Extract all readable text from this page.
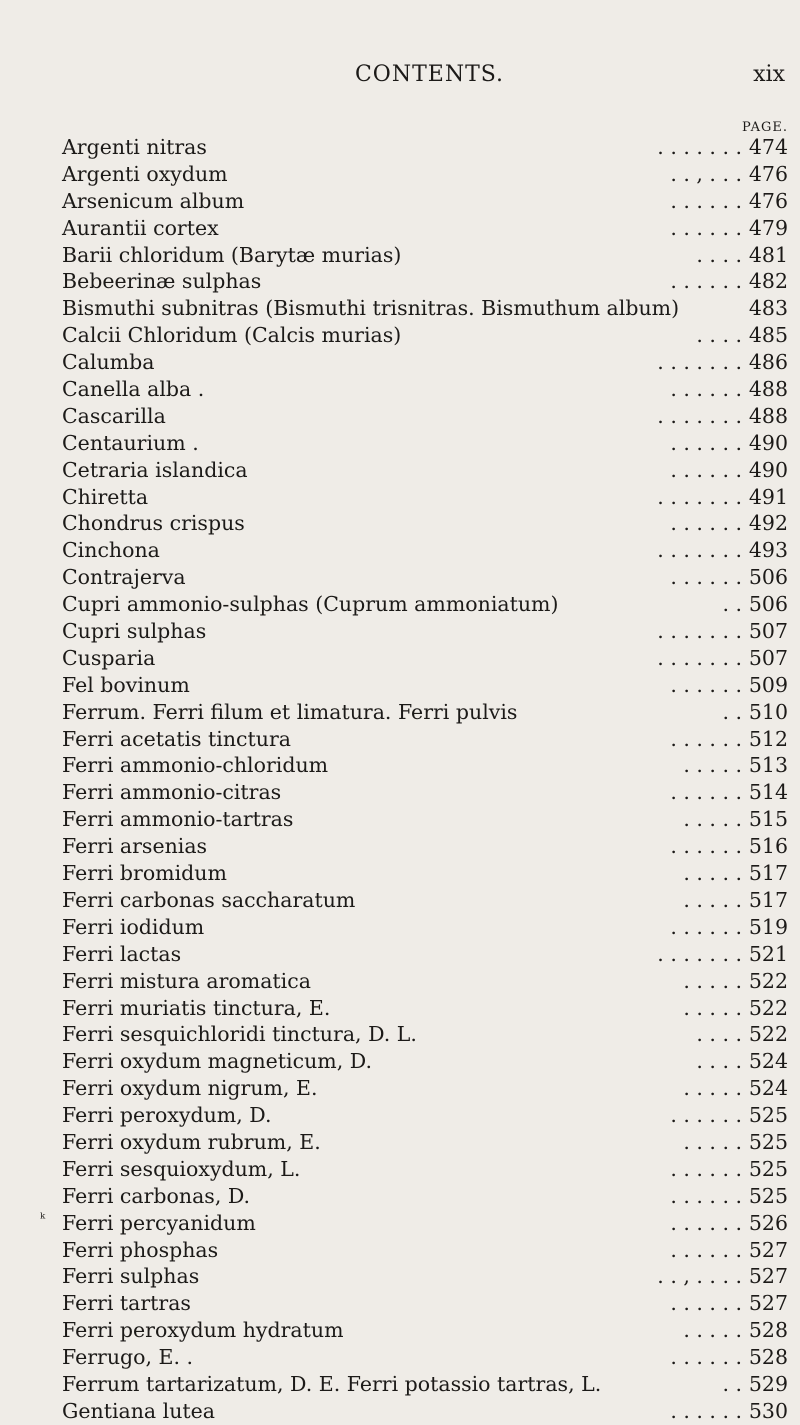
CONTENTS.	xix
PAGE.
. . . . . . .
Argenti nitras	474
. . , . . .
Argenti oxydum	476
. . . . . .
Arsenicum album	476
. . . . . .
Aurantii cortex	479
. . . .
Barii chloridum (Barytæ murias)	481
. . . . . .
Bebeerinæ sulphas	482
Bismuthi subnitras (Bismuthi trisnitras. Bismuthum album)	483
. . . .
Calcii Chloridum (Calcis murias)	485
. . . . . . .
Calumba	486
. . . . . .
Canella alba .	488
. . . . . . .
Cascarilla	488
. . . . . .
Centaurium .	490
. . . . . .
Cetraria islandica	490
. . . . . . .
Chiretta	491
. . . . . .
Chondrus crispus	492
. . . . . . .
Cinchona	493
. . . . . .
Contrajerva	506
. .
Cupri ammonio-sulphas (Cuprum ammoniatum)	506
. . . . . . .
Cupri sulphas	507
. . . . . . .
Cusparia	507
. . . . . .
Fel bovinum	509
. .
Ferrum. Ferri filum et limatura. Ferri pulvis	510
. . . . . .
Ferri acetatis tinctura	512
. . . . .
Ferri ammonio-chloridum	513
. . . . . .
Ferri ammonio-citras	514
. . . . .
Ferri ammonio-tartras	515
. . . . . .
Ferri arsenias	516
. . . . .
Ferri bromidum	517
. . . . .
Ferri carbonas saccharatum	517
. . . . . .
Ferri iodidum	519
. . . . . . .
Ferri lactas	521
. . . . .
Ferri mistura aromatica	522
. . . . .
Ferri muriatis tinctura, E.	522
. . . .
Ferri sesquichloridi tinctura, D. L.	522
. . . .
Ferri oxydum magneticum, D.	524
. . . . .
Ferri oxydum nigrum, E.	524
. . . . . .
Ferri peroxydum, D.	525
. . . . .
Ferri oxydum rubrum, E.	525
. . . . . .
Ferri sesquioxydum, L.	525
. . . . . .
Ferri carbonas, D.	525
. . . . . .
Ferri percyanidum	526
. . . . . .
Ferri phosphas	527
. . , . . . .
Ferri sulphas	527
. . . . . .
Ferri tartras	527
. . . . .
Ferri peroxydum hydratum	528
. . . . . .
Ferrugo, E. .	528
. .
Ferrum tartarizatum, D. E. Ferri potassio tartras, L.	529
. . . . . .
Gentiana lutea	530
ᵏ
